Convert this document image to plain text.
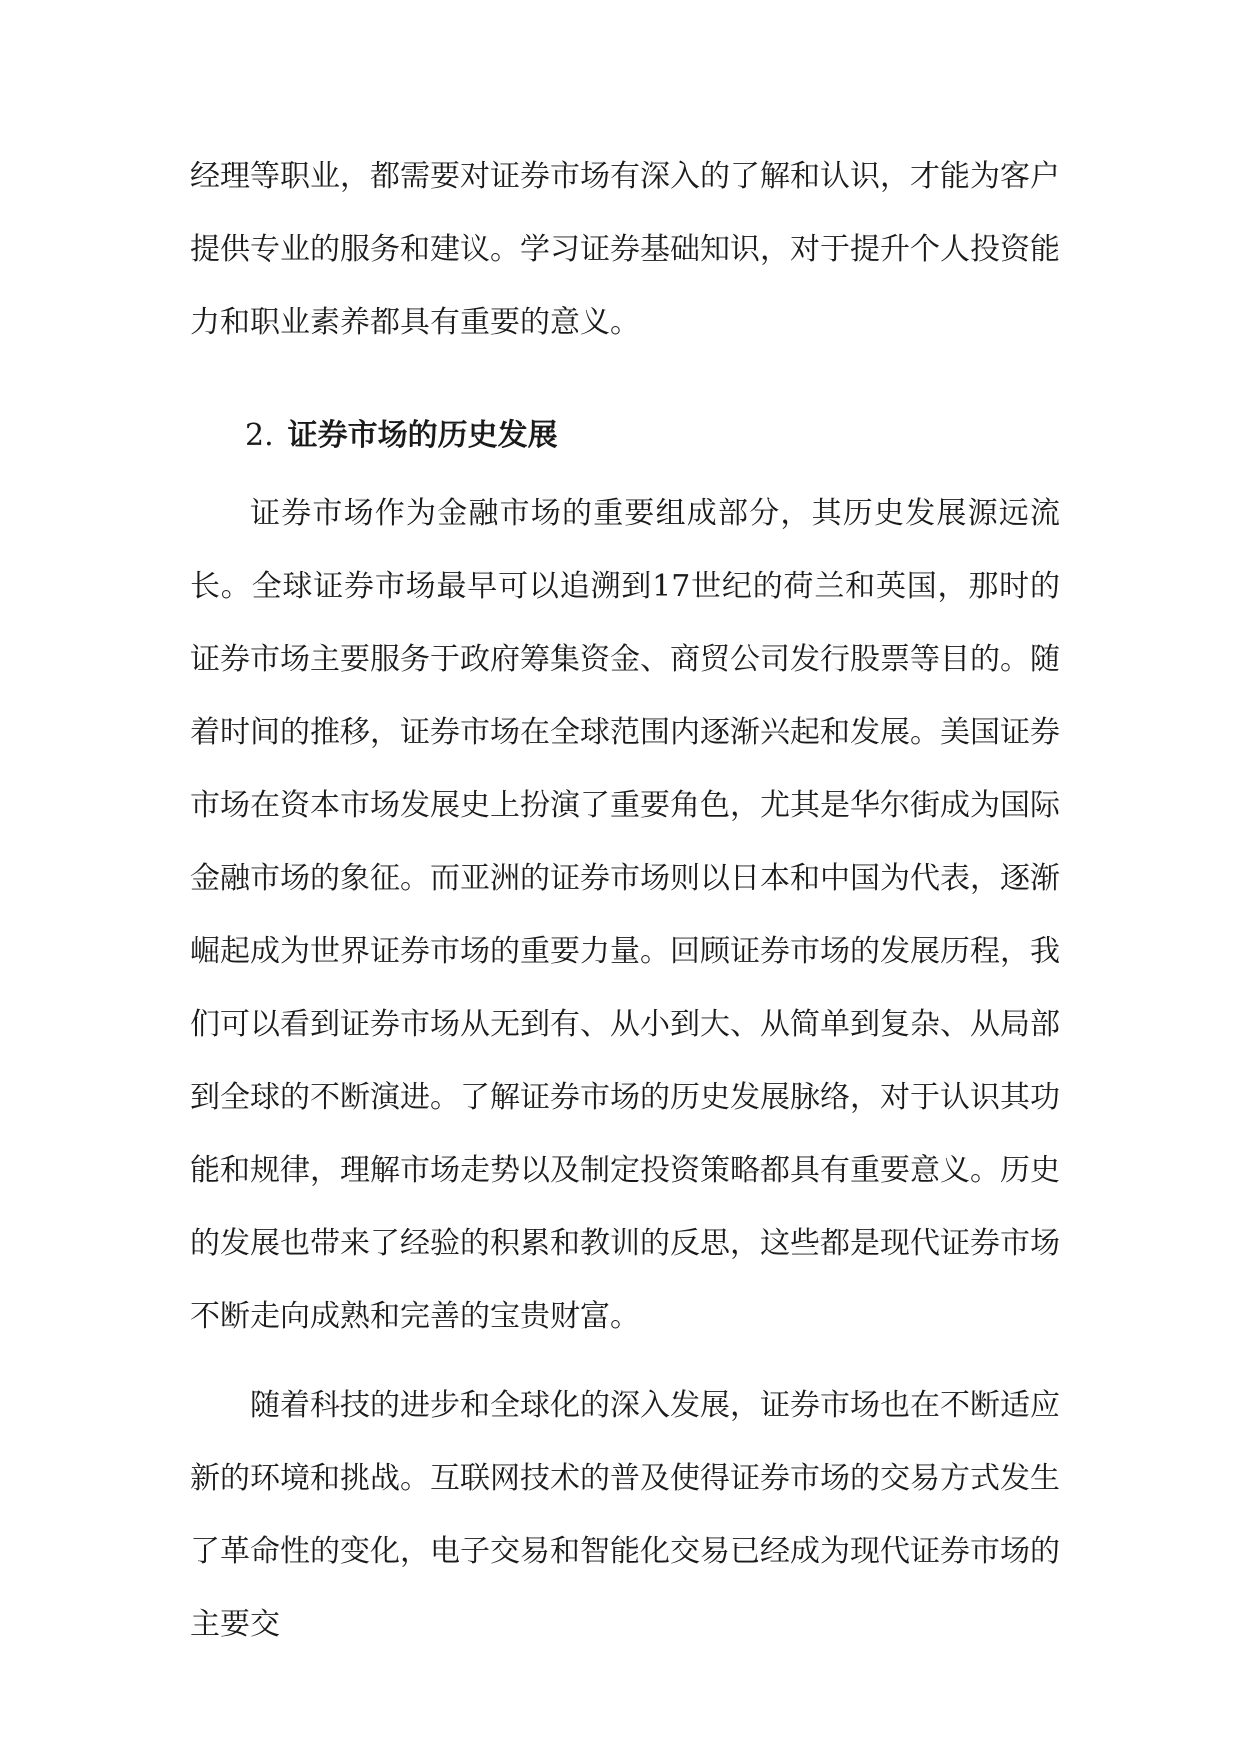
经理等职业，都需要对证券市场有深入的了解和认识，才能为客户提供专业的服务和建议。学习证券基础知识，对于提升个人投资能力和职业素养都具有重要的意义。

2. 证券市场的历史发展

证券市场作为金融市场的重要组成部分，其历史发展源远流长。全球证券市场最早可以追溯到17世纪的荷兰和英国，那时的证券市场主要服务于政府筹集资金、商贸公司发行股票等目的。随着时间的推移，证券市场在全球范围内逐渐兴起和发展。美国证券市场在资本市场发展史上扮演了重要角色，尤其是华尔街成为国际金融市场的象征。而亚洲的证券市场则以日本和中国为代表，逐渐崛起成为世界证券市场的重要力量。回顾证券市场的发展历程，我们可以看到证券市场从无到有、从小到大、从简单到复杂、从局部到全球的不断演进。了解证券市场的历史发展脉络，对于认识其功能和规律，理解市场走势以及制定投资策略都具有重要意义。历史的发展也带来了经验的积累和教训的反思，这些都是现代证券市场不断走向成熟和完善的宝贵财富。

随着科技的进步和全球化的深入发展，证券市场也在不断适应新的环境和挑战。互联网技术的普及使得证券市场的交易方式发生了革命性的变化，电子交易和智能化交易已经成为现代证券市场的主要交
